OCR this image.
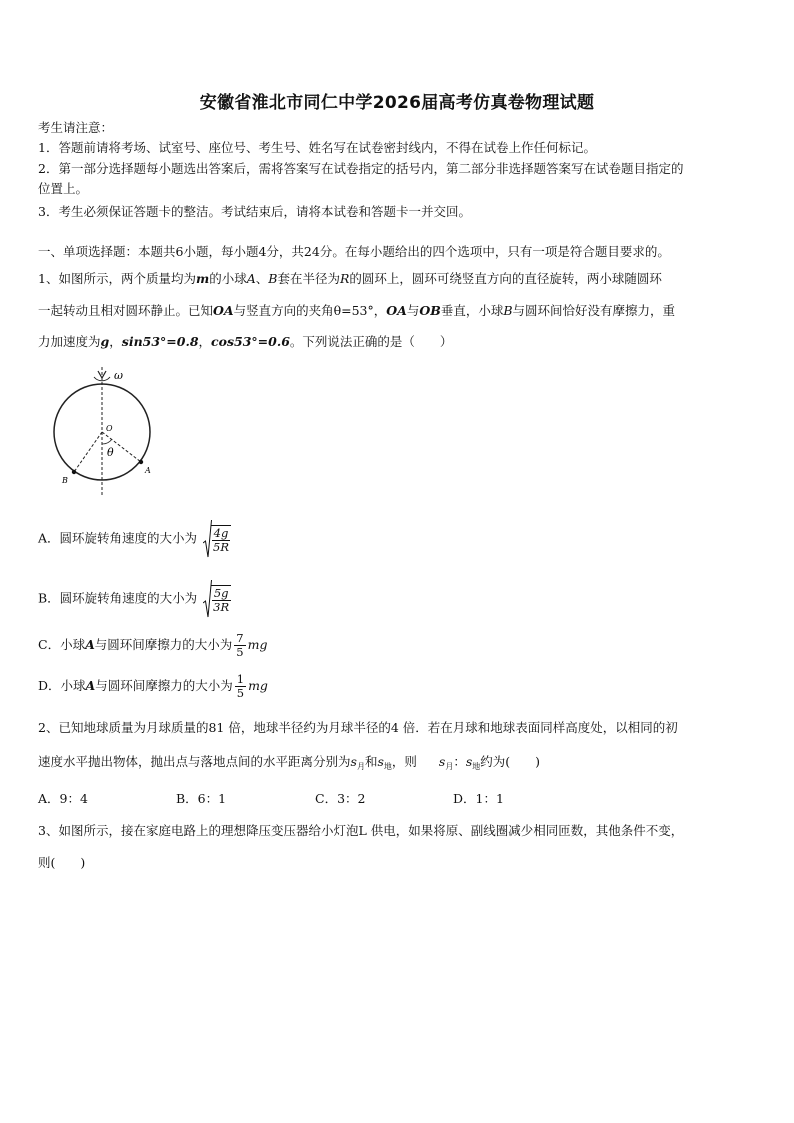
安徽省淮北市同仁中学2026届高考仿真卷物理试题
考生请注意：
1．答题前请将考场、试室号、座位号、考生号、姓名写在试卷密封线内，不得在试卷上作任何标记。
2．第一部分选择题每小题选出答案后，需将答案写在试卷指定的括号内，第二部分非选择题答案写在试卷题目指定的
位置上。
3．考生必须保证答题卡的整洁。考试结束后，请将本试卷和答题卡一并交回。
一、单项选择题：本题共6小题，每小题4分，共24分。在每小题给出的四个选项中，只有一项是符合题目要求的。
1、如图所示，两个质量均为m的小球A、B套在半径为R的圆环上，圆环可绕竖直方向的直径旋转，两小球随圆环
一起转动且相对圆环静止。已知OA与竖直方向的夹角θ=53°，OA与OB垂直，小球B与圆环间恰好没有摩擦力，重
力加速度为g，sin53°=0.8，cos53°=0.6。下列说法正确的是（　　）
ω
O
θ
A
B
A．圆环旋转角速度的大小为 $\frac{4g}{5R}$
B．圆环旋转角速度的大小为 $\frac{5g}{3R}$
C．小球A与圆环间摩擦力的大小为 $\frac{7}{5}$ mg
D．小球A与圆环间摩擦力的大小为 $\frac{1}{5}$ mg
2、已知地球质量为月球质量的81 倍，地球半径约为月球半径的4 倍．若在月球和地球表面同样高度处，以相同的初
速度水平抛出物体，抛出点与落地点间的水平距离分别为$s_月$和$s_地$，则 $s_月$：$s_地$约为(　　)
A．9：4	B．6：1	C．3：2	D．1：1
3、如图所示，接在家庭电路上的理想降压变压器给小灯泡L 供电，如果将原、副线圈减少相同匝数，其他条件不变，
则(　　)
